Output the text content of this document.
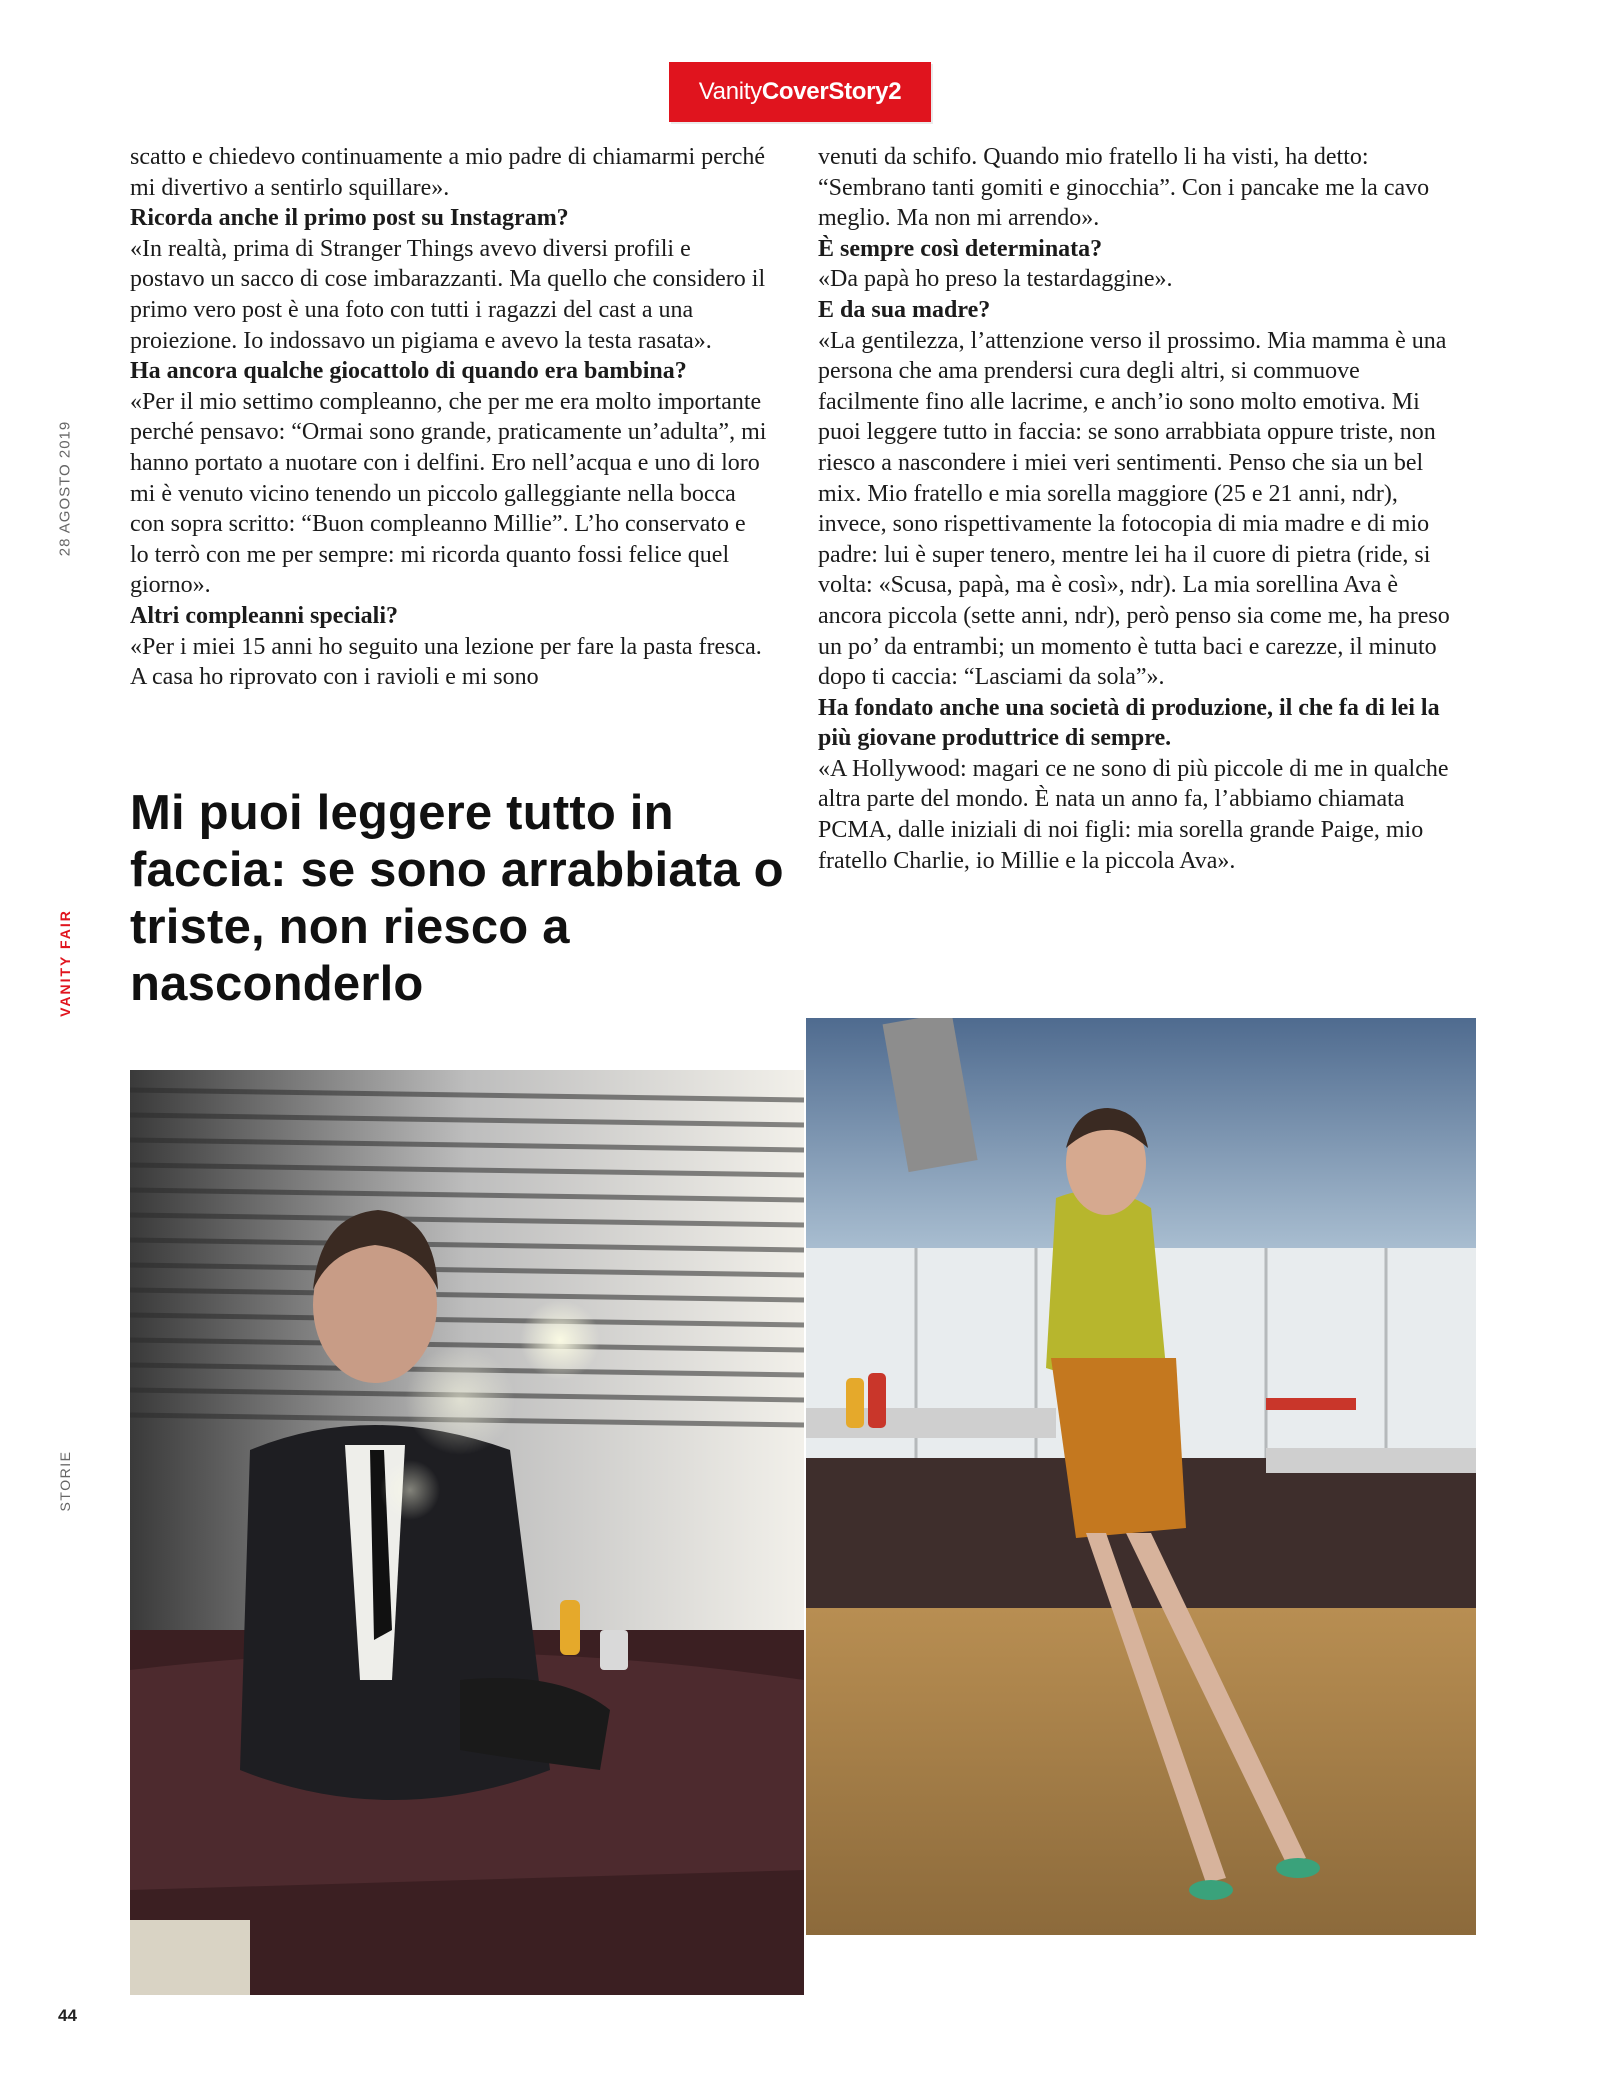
Vanity CoverStory2
28 AGOSTO 2019
VANITY FAIR
STORIE

scatto e chiedevo continuamente a mio padre di chiamarmi perché mi divertivo a sentirlo squillare».

Ricorda anche il primo post su Instagram?

«In realtà, prima di Stranger Things avevo diversi profili e postavo un sacco di cose imbarazzanti. Ma quello che considero il primo vero post è una foto con tutti i ragazzi del cast a una proiezione. Io indossavo un pigiama e avevo la testa rasata».

Ha ancora qualche giocattolo di quando era bambina?

«Per il mio settimo compleanno, che per me era molto importante perché pensavo: “Ormai sono grande, praticamente un’adulta”, mi hanno portato a nuotare con i delfini. Ero nell’acqua e uno di loro mi è venuto vicino tenendo un piccolo galleggiante nella bocca con sopra scritto: “Buon compleanno Millie”. L’ho conservato e lo terrò con me per sempre: mi ricorda quanto fossi felice quel giorno».

Altri compleanni speciali?

«Per i miei 15 anni ho seguito una lezione per fare la pasta fresca. A casa ho riprovato con i ravioli e mi sono

venuti da schifo. Quando mio fratello li ha visti, ha detto: “Sembrano tanti gomiti e ginocchia”. Con i pancake me la cavo meglio. Ma non mi arrendo».

È sempre così determinata?

«Da papà ho preso la testardaggine».

E da sua madre?

«La gentilezza, l’attenzione verso il prossimo. Mia mamma è una persona che ama prendersi cura degli altri, si commuove facilmente fino alle lacrime, e anch’io sono molto emotiva. Mi puoi leggere tutto in faccia: se sono arrabbiata oppure triste, non riesco a nascondere i miei veri sentimenti. Penso che sia un bel mix. Mio fratello e mia sorella maggiore (25 e 21 anni, ndr), invece, sono rispettivamente la fotocopia di mia madre e di mio padre: lui è super tenero, mentre lei ha il cuore di pietra (ride, si volta: «Scusa, papà, ma è così», ndr). La mia sorellina Ava è ancora piccola (sette anni, ndr), però penso sia come me, ha preso un po’ da entrambi; un momento è tutta baci e carezze, il minuto dopo ti caccia: “Lasciami da sola”».

Ha fondato anche una società di produzione, il che fa di lei la più giovane produttrice di sempre.

«A Hollywood: magari ce ne sono di più piccole di me in qualche altra parte del mondo. È nata un anno fa, l’abbiamo chiamata PCMA, dalle iniziali di noi figli: mia sorella grande Paige, mio fratello Charlie, io Millie e la piccola Ava».

Mi puoi leggere tutto in faccia: se sono arrabbiata o triste, non riesco a nasconderlo
44
